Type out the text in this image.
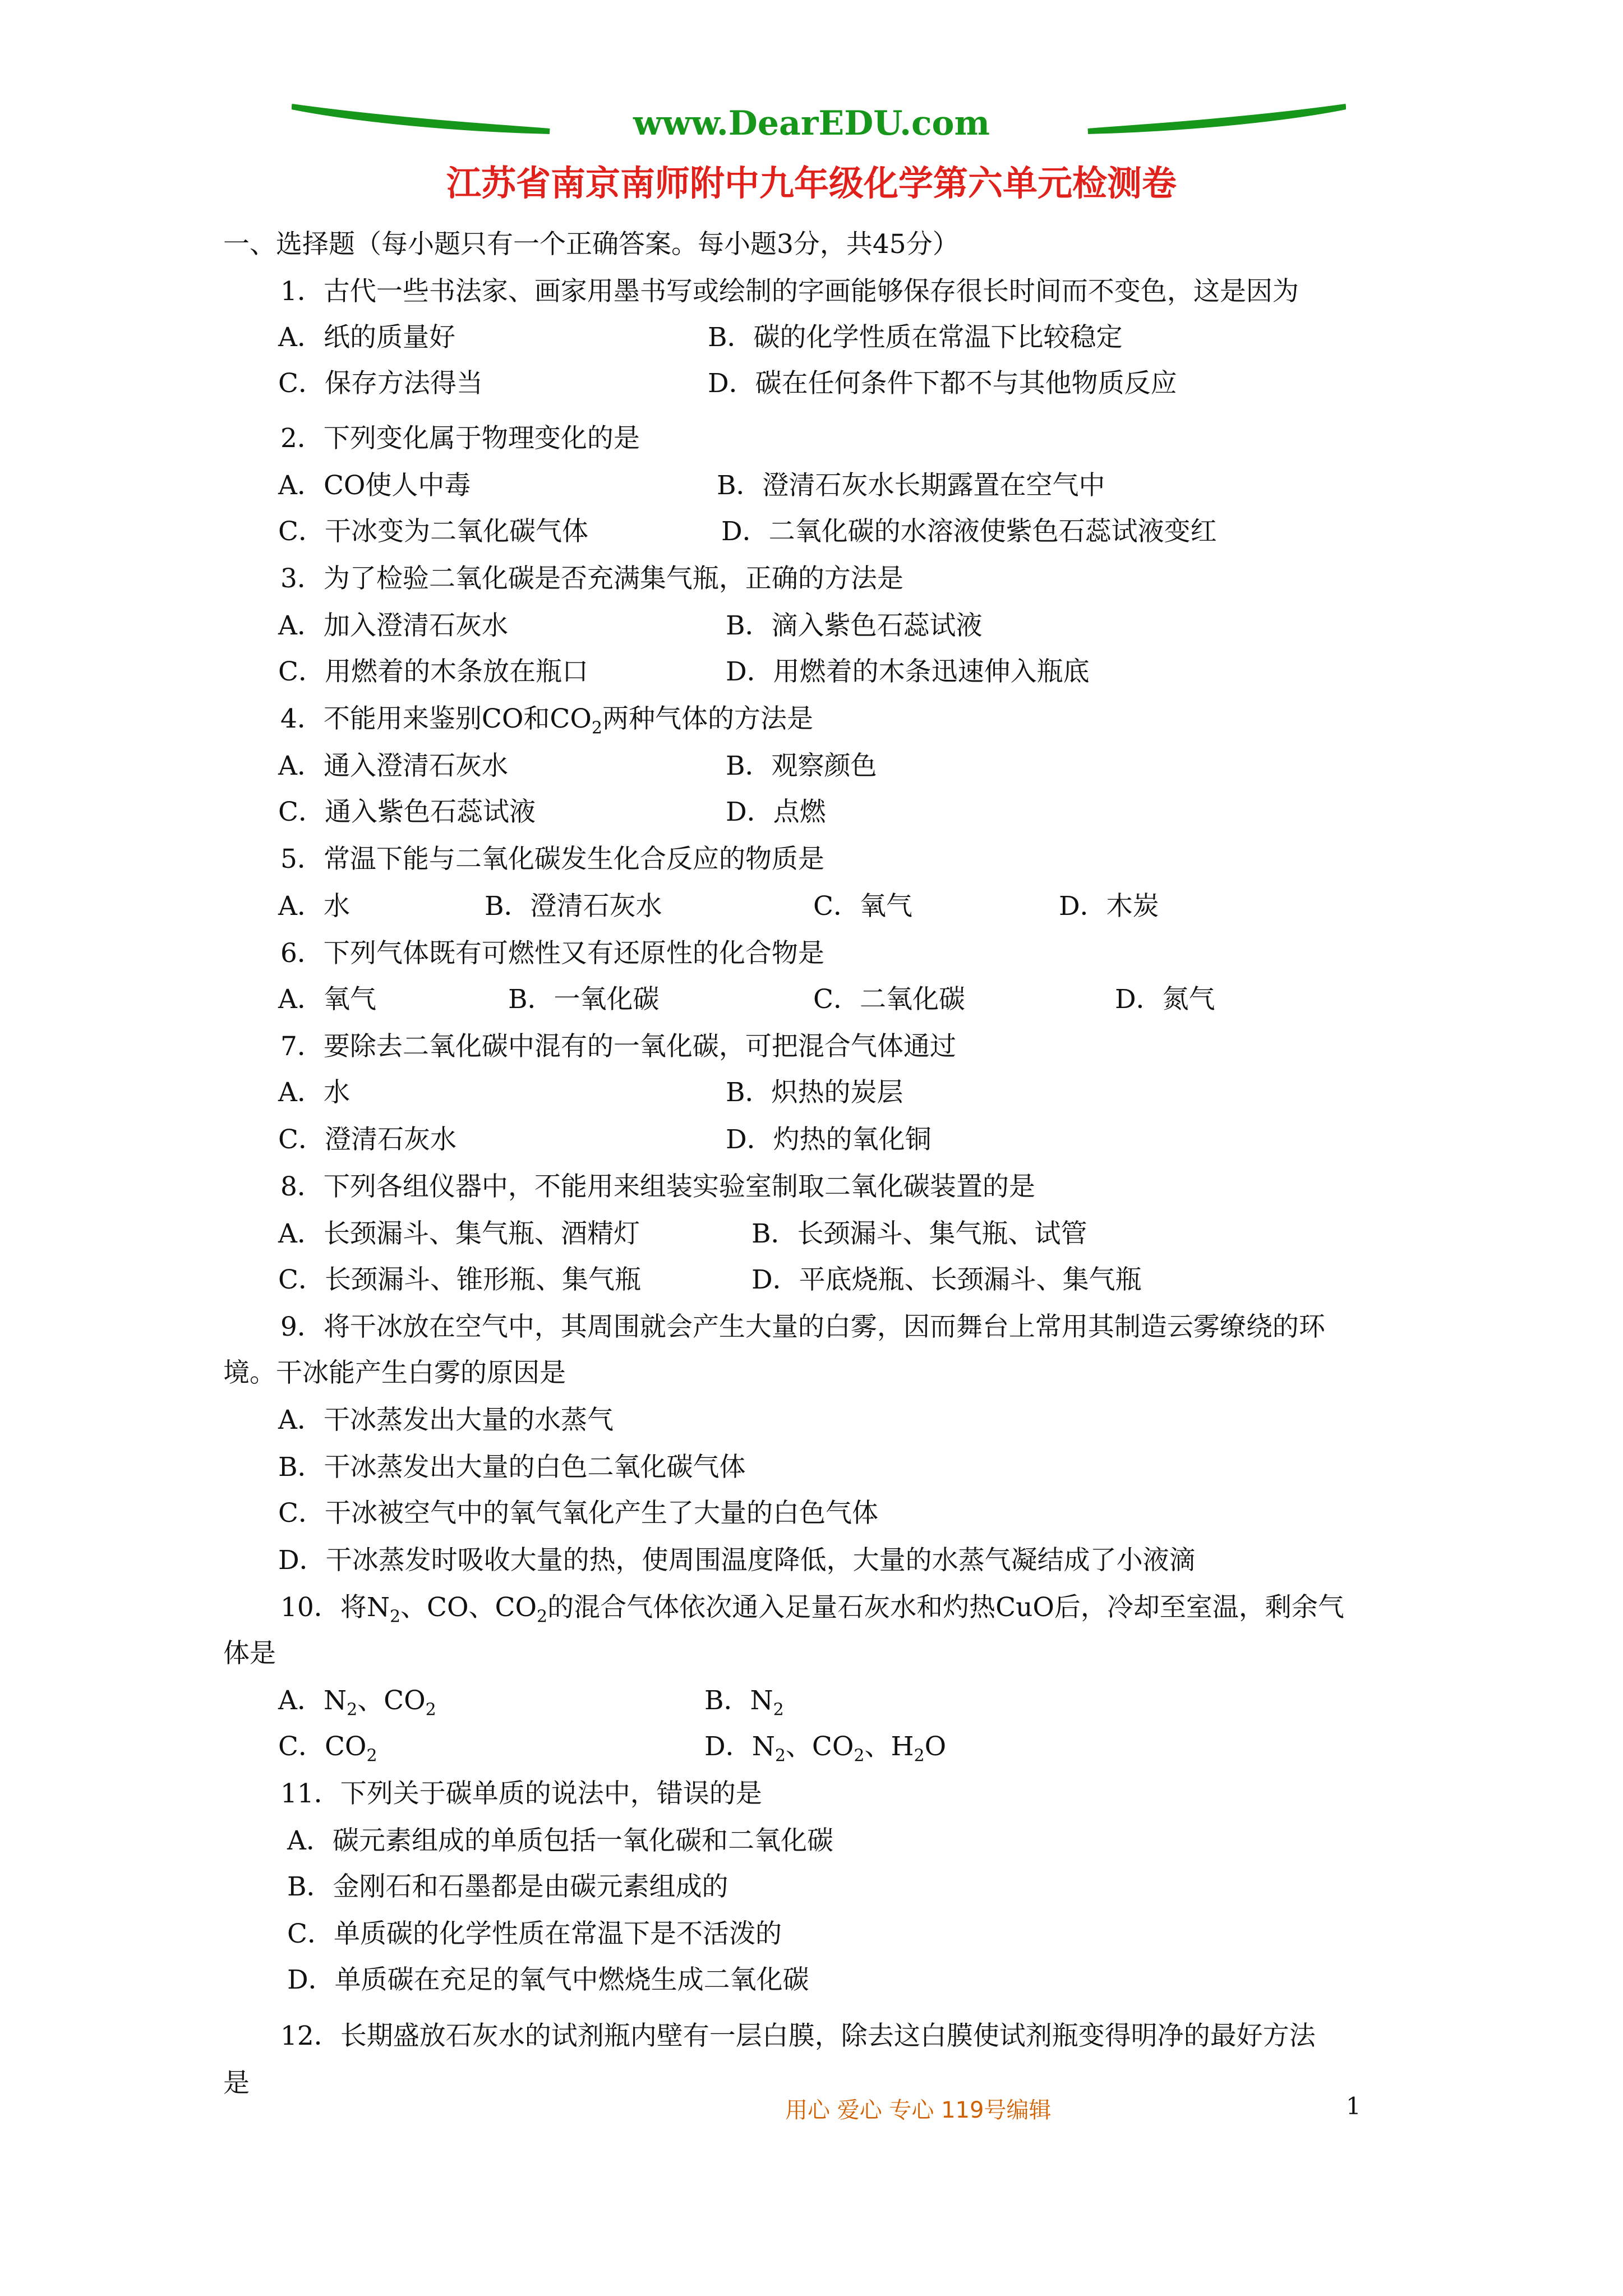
www.DearEDU.com
江苏省南京南师附中九年级化学第六单元检测卷
一、选择题（每小题只有一个正确答案。每小题3分，共45分）
1．古代一些书法家、画家用墨书写或绘制的字画能够保存很长时间而不变色，这是因为
A．纸的质量好	B．碳的化学性质在常温下比较稳定
C．保存方法得当	D．碳在任何条件下都不与其他物质反应
2．下列变化属于物理变化的是
A．CO使人中毒	B．澄清石灰水长期露置在空气中
C．干冰变为二氧化碳气体	D．二氧化碳的水溶液使紫色石蕊试液变红
3．为了检验二氧化碳是否充满集气瓶，正确的方法是
A．加入澄清石灰水	B．滴入紫色石蕊试液
C．用燃着的木条放在瓶口	D．用燃着的木条迅速伸入瓶底
4．不能用来鉴别CO和$CO_2$两种气体的方法是
A．通入澄清石灰水	B．观察颜色
C．通入紫色石蕊试液	D．点燃
5．常温下能与二氧化碳发生化合反应的物质是
A．水	B．澄清石灰水	C．氧气	D．木炭
6．下列气体既有可燃性又有还原性的化合物是
A．氧气	B．一氧化碳	C．二氧化碳	D．氮气
7．要除去二氧化碳中混有的一氧化碳，可把混合气体通过
A．水	B．炽热的炭层
C．澄清石灰水	D．灼热的氧化铜
8．下列各组仪器中，不能用来组装实验室制取二氧化碳装置的是
A．长颈漏斗、集气瓶、酒精灯	B．长颈漏斗、集气瓶、试管
C．长颈漏斗、锥形瓶、集气瓶	D．平底烧瓶、长颈漏斗、集气瓶
9．将干冰放在空气中，其周围就会产生大量的白雾，因而舞台上常用其制造云雾缭绕的环
境。干冰能产生白雾的原因是
A．干冰蒸发出大量的水蒸气
B．干冰蒸发出大量的白色二氧化碳气体
C．干冰被空气中的氧气氧化产生了大量的白色气体
D．干冰蒸发时吸收大量的热，使周围温度降低，大量的水蒸气凝结成了小液滴
10．将$N_2$、CO、$CO_2$的混合气体依次通入足量石灰水和灼热CuO后，冷却至室温，剩余气
体是
A．$N_2$、$CO_2$	B．$N_2$
C．$CO_2$	D．$N_2$、$CO_2$、$H_2O$
11．下列关于碳单质的说法中，错误的是
A．碳元素组成的单质包括一氧化碳和二氧化碳
B．金刚石和石墨都是由碳元素组成的
C．单质碳的化学性质在常温下是不活泼的
D．单质碳在充足的氧气中燃烧生成二氧化碳
12．长期盛放石灰水的试剂瓶内壁有一层白膜，除去这白膜使试剂瓶变得明净的最好方法
是
用心 爱心 专心 119号编辑	1
